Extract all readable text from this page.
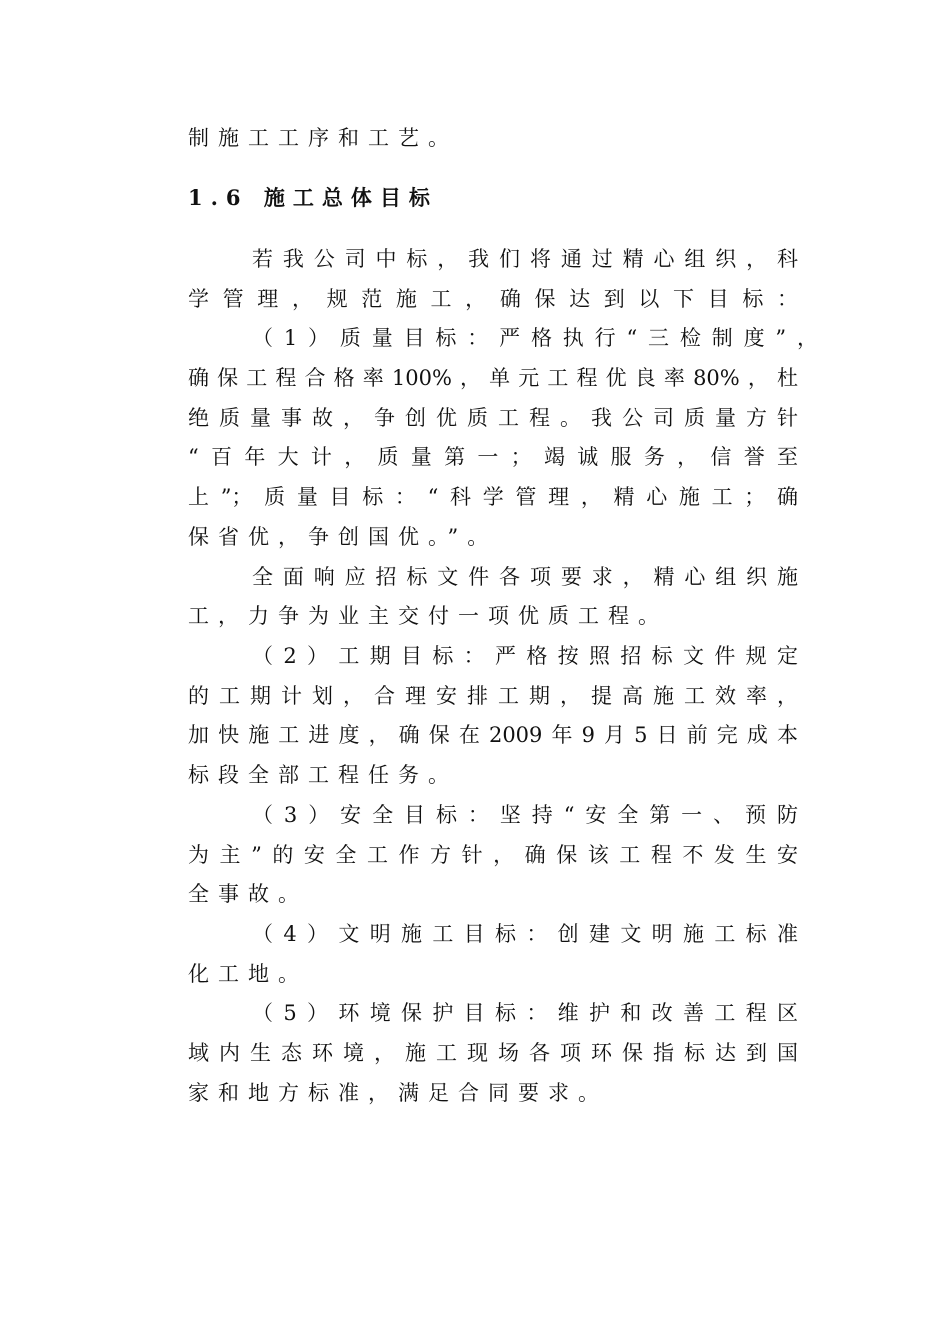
制施工工序和工艺。
1.6 施工总体目标
若我公司中标，我们将通过精心组织，科
学管理，规范施工，确保达到以下目标：
（1）质量目标：严格执行“三检制度”，
确保工程合格率100%，单元工程优良率80%，杜
绝质量事故，争创优质工程。我公司质量方针
“百年大计，质量第一；竭诚服务，信誉至
上”；质量目标：“科学管理，精心施工；确
保省优，争创国优。”。
全面响应招标文件各项要求，精心组织施
工，力争为业主交付一项优质工程。
（2）工期目标：严格按照招标文件规定
的工期计划，合理安排工期，提高施工效率，
加快施工进度，确保在2009年9月5日前完成本
标段全部工程任务。
（3）安全目标：坚持“安全第一、预防
为主”的安全工作方针，确保该工程不发生安
全事故。
（4）文明施工目标：创建文明施工标准
化工地。
（5）环境保护目标：维护和改善工程区
域内生态环境，施工现场各项环保指标达到国
家和地方标准，满足合同要求。
